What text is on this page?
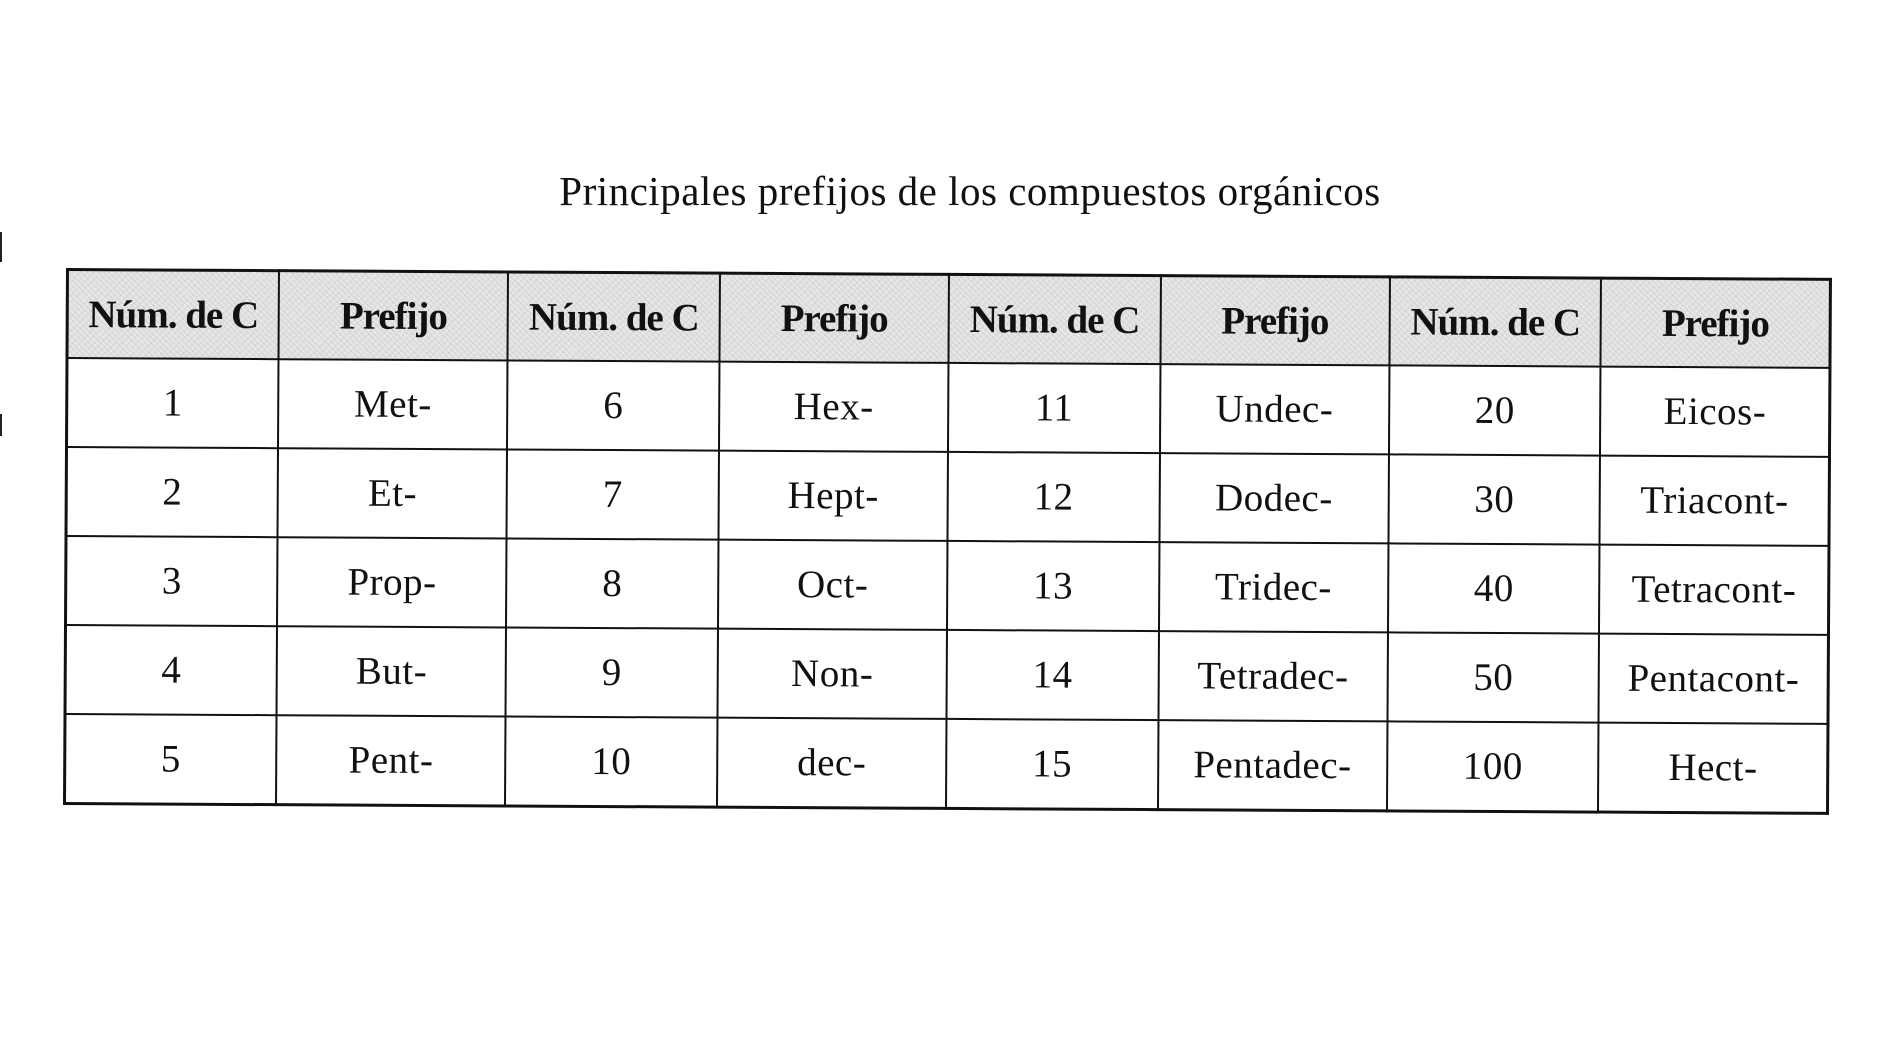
Principales prefijos de los compuestos orgánicos
Núm. de C	Prefijo	Núm. de C	Prefijo	Núm. de C	Prefijo	Núm. de C	Prefijo
1	Met-	6	Hex-	11	Undec-	20	Eicos-
2	Et-	7	Hept-	12	Dodec-	30	Triacont-
3	Prop-	8	Oct-	13	Tridec-	40	Tetracont-
4	But-	9	Non-	14	Tetradec-	50	Pentacont-
5	Pent-	10	dec-	15	Pentadec-	100	Hect-
